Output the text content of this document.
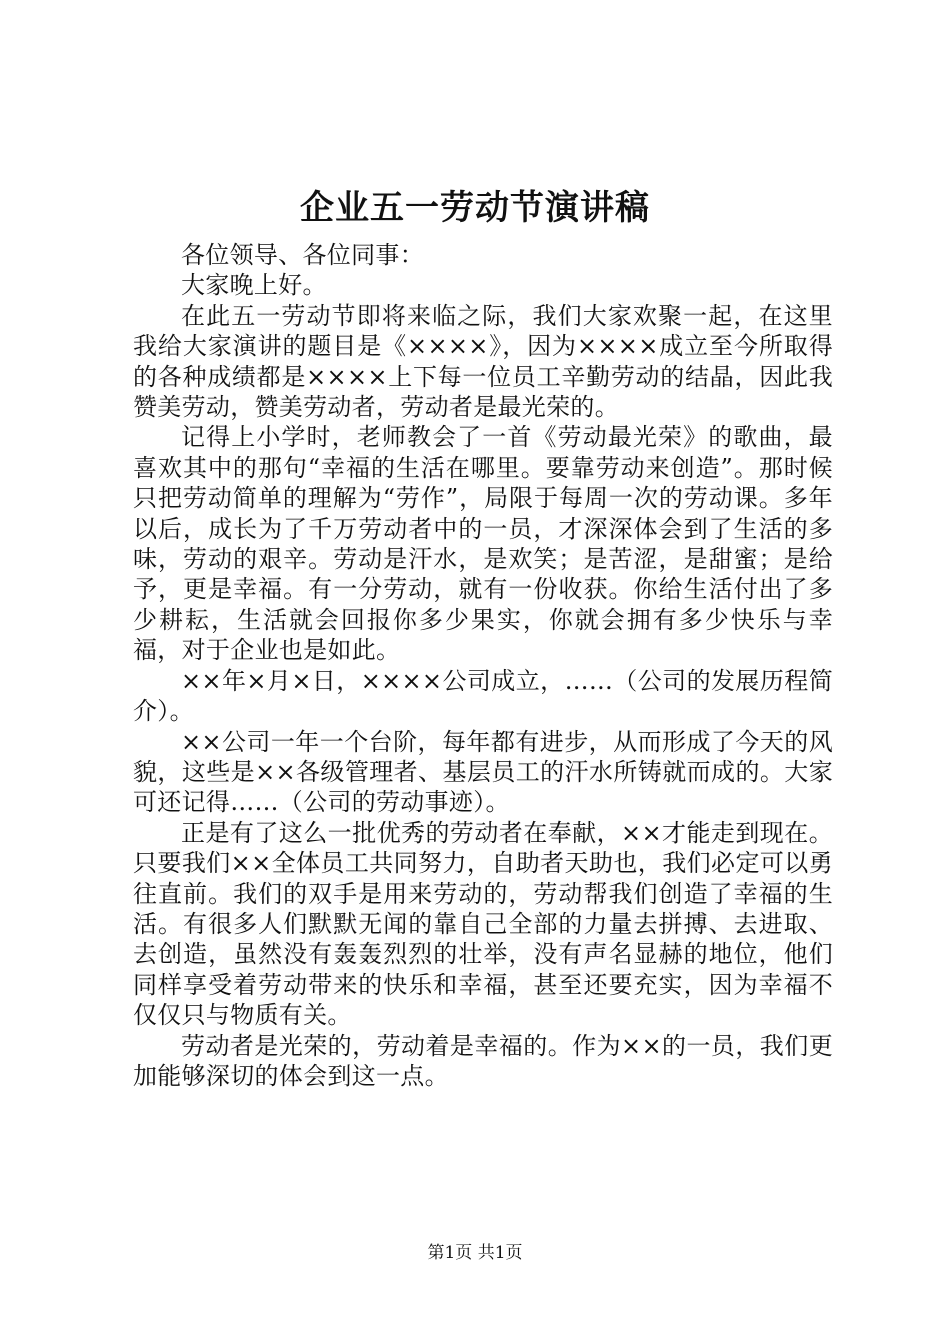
企业五一劳动节演讲稿

各位领导、各位同事：

大家晚上好。

在此五一劳动节即将来临之际，我们大家欢聚一起，在这里我给大家演讲的题目是《××××》，因为××××成立至今所取得的各种成绩都是××××上下每一位员工辛勤劳动的结晶，因此我赞美劳动，赞美劳动者，劳动者是最光荣的。

记得上小学时，老师教会了一首《劳动最光荣》的歌曲，最喜欢其中的那句“幸福的生活在哪里。要靠劳动来创造”。那时候只把劳动简单的理解为“劳作”，局限于每周一次的劳动课。多年以后，成长为了千万劳动者中的一员，才深深体会到了生活的多味，劳动的艰辛。劳动是汗水，是欢笑；是苦涩，是甜蜜；是给予，更是幸福。有一分劳动，就有一份收获。你给生活付出了多少耕耘，生活就会回报你多少果实，你就会拥有多少快乐与幸福，对于企业也是如此。

××年×月×日，××××公司成立，……（公司的发展历程简介）。

××公司一年一个台阶，每年都有进步，从而形成了今天的风貌，这些是××各级管理者、基层员工的汗水所铸就而成的。大家可还记得……（公司的劳动事迹）。

正是有了这么一批优秀的劳动者在奉献，××才能走到现在。只要我们××全体员工共同努力，自助者天助也，我们必定可以勇往直前。我们的双手是用来劳动的，劳动帮我们创造了幸福的生活。有很多人们默默无闻的靠自己全部的力量去拼搏、去进取、去创造，虽然没有轰轰烈烈的壮举，没有声名显赫的地位，他们同样享受着劳动带来的快乐和幸福，甚至还要充实，因为幸福不仅仅只与物质有关。

劳动者是光荣的，劳动着是幸福的。作为××的一员，我们更加能够深切的体会到这一点。

第1页 共1页
